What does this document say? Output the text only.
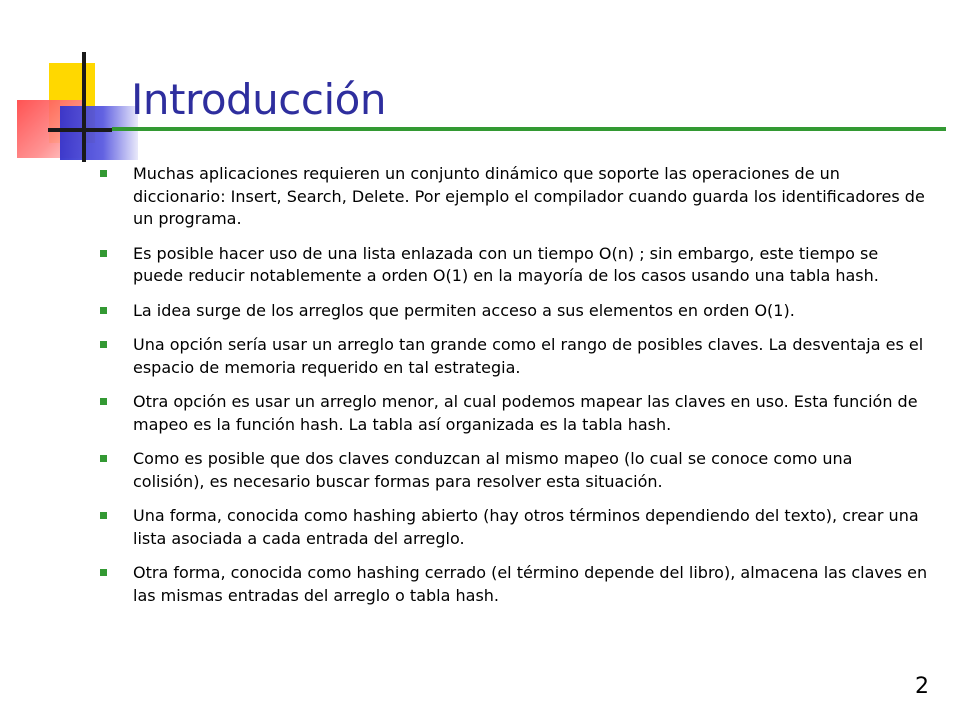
Introducción
Muchas aplicaciones requieren un conjunto dinámico que soporte las operaciones de un diccionario: Insert, Search, Delete. Por ejemplo el compilador cuando guarda los identificadores de un programa.
Es posible hacer uso de una lista enlazada con un tiempo O(n) ; sin embargo, este tiempo se puede reducir notablemente a orden O(1) en la mayoría de los casos usando una tabla hash.
La idea surge de los arreglos que permiten acceso a sus elementos en orden O(1).
Una opción sería usar un arreglo tan grande como el rango de posibles claves. La desventaja es el espacio de memoria requerido en tal estrategia.
Otra opción es usar un arreglo menor, al cual podemos mapear las claves en uso. Esta función de mapeo es la función hash. La tabla así organizada es la tabla hash.
Como es posible que dos claves conduzcan al mismo mapeo (lo cual se conoce como una colisión), es necesario buscar formas para resolver esta situación.
Una forma, conocida como hashing abierto (hay otros términos dependiendo del texto), crear una lista asociada a cada entrada del arreglo.
Otra forma, conocida como hashing cerrado (el término depende del libro), almacena las claves en las mismas entradas del arreglo o tabla hash.
2
